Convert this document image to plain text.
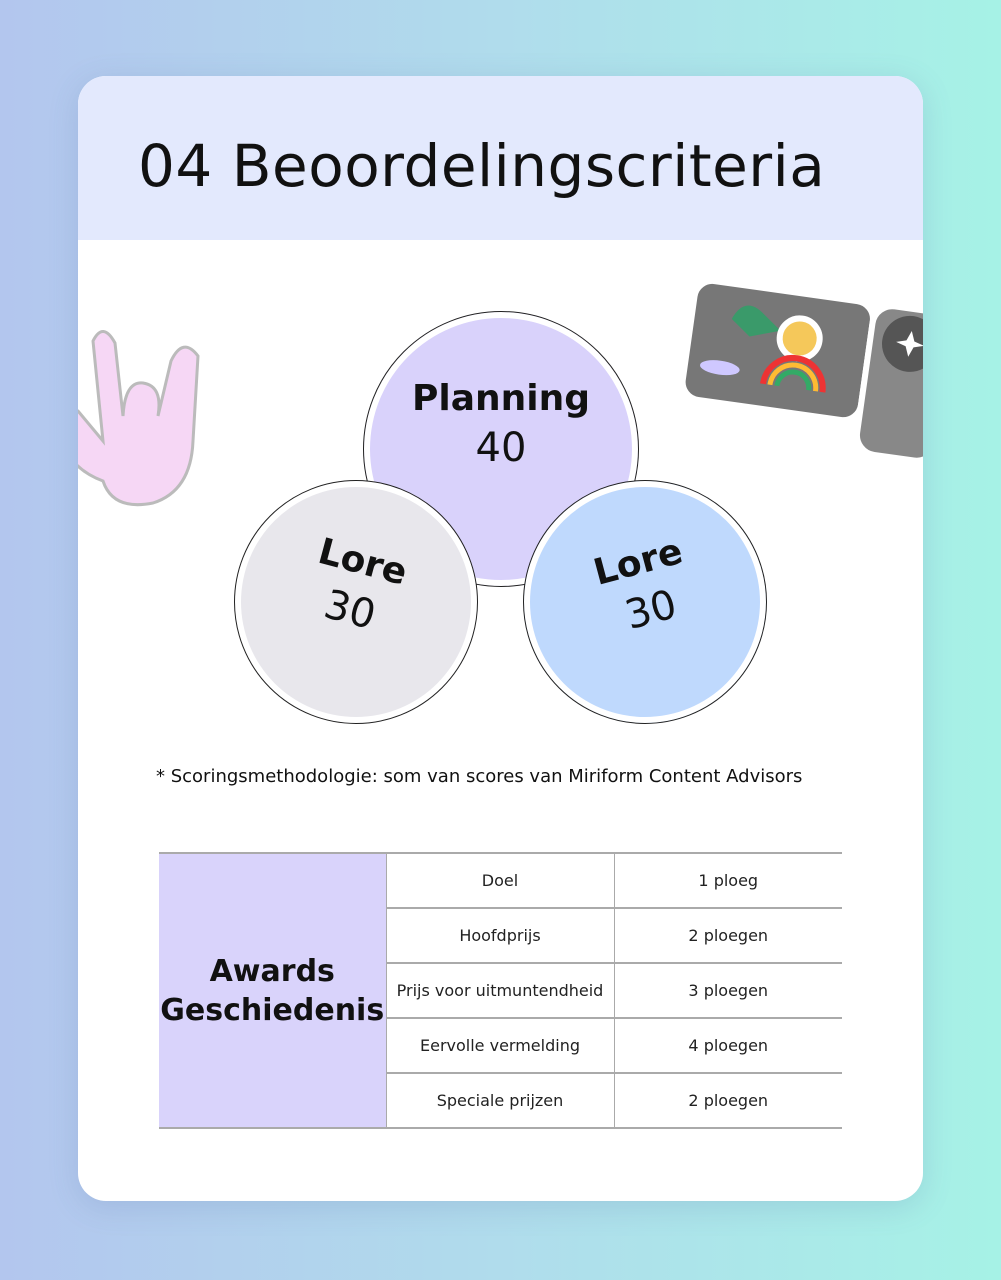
04 Beoordelingscriteria
Planning
40
Lore
30
Lore
30
* Scoringsmethodologie: som van scores van Miriform Content Advisors
Awards
Geschiedenis	Doel	1 ploeg
	Hoofdprijs	2 ploegen
	Prijs voor uitmuntendheid	3 ploegen
	Eervolle vermelding	4 ploegen
	Speciale prijzen	2 ploegen
